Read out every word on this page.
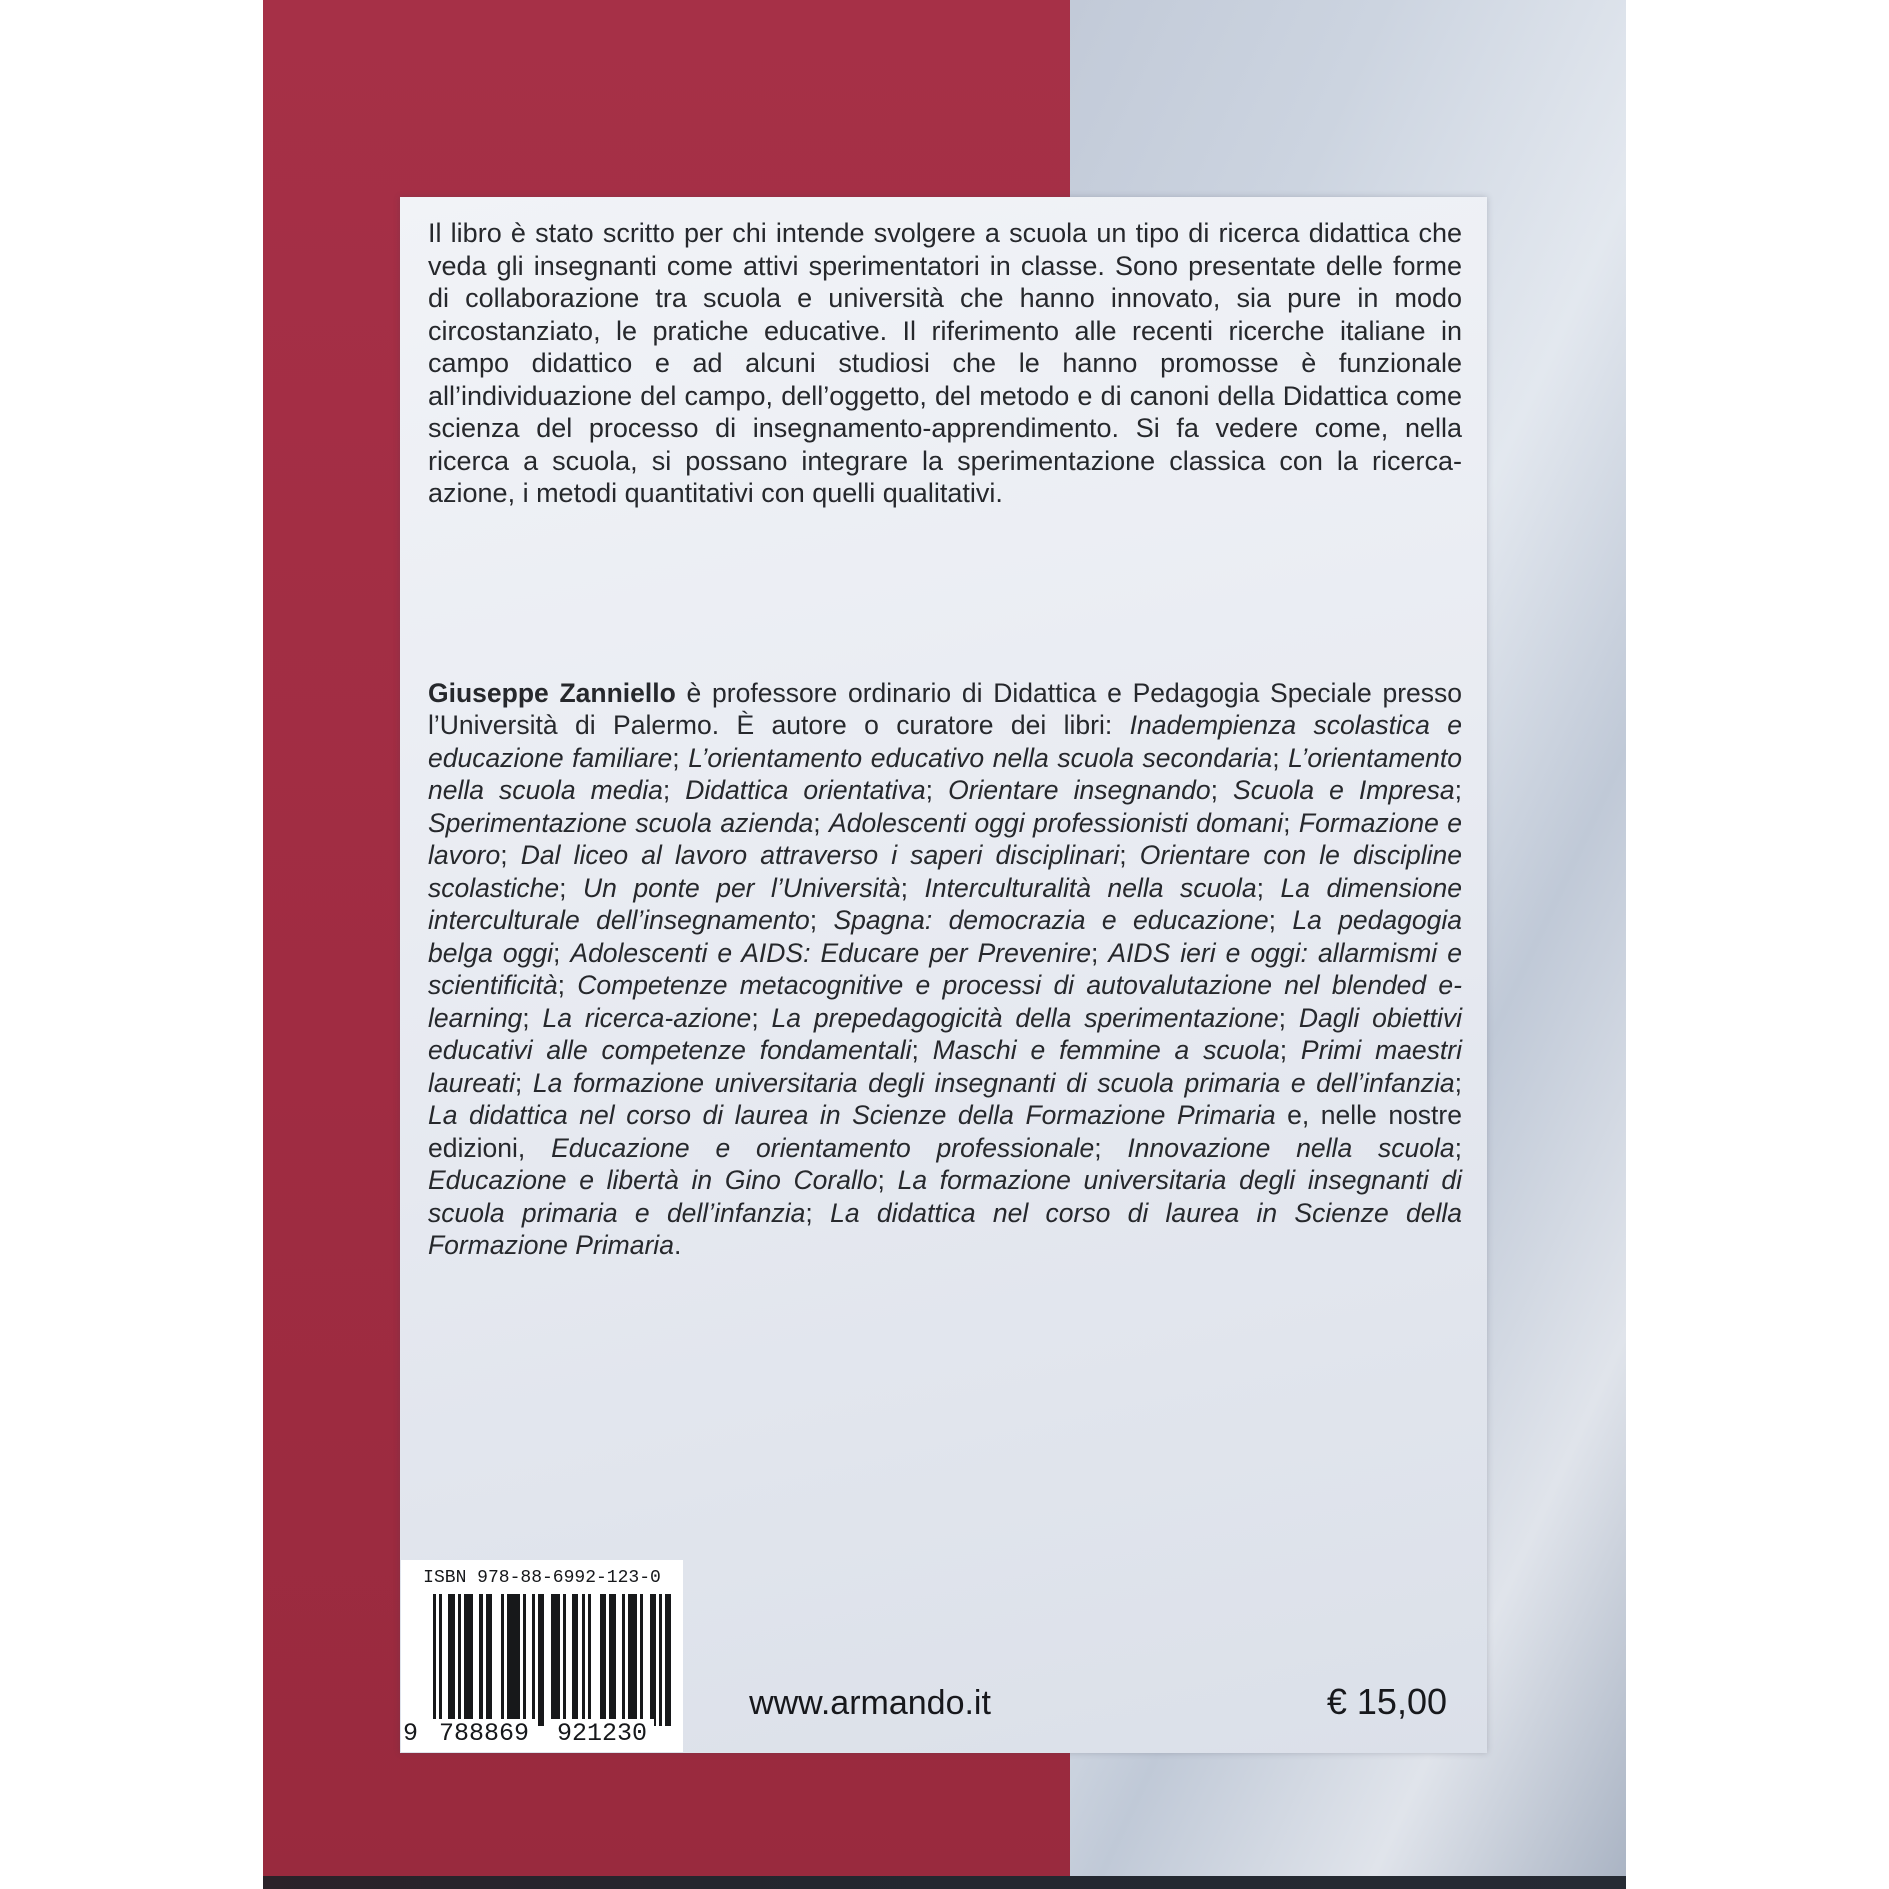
Il libro è stato scritto per chi intende svolgere a scuola un tipo di ricerca didattica che veda gli insegnanti come attivi sperimentatori in classe. Sono presentate delle forme di collaborazione tra scuola e università che hanno innovato, sia pure in modo circostanziato, le pratiche educative. Il riferimento alle recenti ricerche italiane in campo didattico e ad alcuni studiosi che le hanno promosse è funzionale all’individuazione del campo, dell’oggetto, del metodo e di canoni della Didattica come scienza del processo di insegnamento-apprendimento. Si fa vedere come, nella ricerca a scuola, si possano integrare la sperimentazione classica con la ricerca-azione, i metodi quantitativi con quelli qualitativi.

Giuseppe Zanniello è professore ordinario di Didattica e Pedagogia Speciale presso l’Università di Palermo. È autore o curatore dei libri: Inadempienza scolastica e educazione familiare; L’orientamento educativo nella scuola secondaria; L’orientamento nella scuola media; Didattica orientativa; Orientare insegnando; Scuola e Impresa; Sperimentazione scuola azienda; Adolescenti oggi professionisti domani; Formazione e lavoro; Dal liceo al lavoro attraverso i saperi disciplinari; Orientare con le discipline scolastiche; Un ponte per l’Università; Interculturalità nella scuola; La dimensione interculturale dell’insegnamento; Spagna: democrazia e educazione; La pedagogia belga oggi; Adolescenti e AIDS: Educare per Prevenire; AIDS ieri e oggi: allarmismi e scientificità; Competenze metacognitive e processi di autovalutazione nel blended e-learning; La ricerca-azione; La prepedagogicità della sperimentazione; Dagli obiettivi educativi alle competenze fondamentali; Maschi e femmine a scuola; Primi maestri laureati; La formazione universitaria degli insegnanti di scuola primaria e dell’infanzia; La didattica nel corso di laurea in Scienze della Formazione Primaria e, nelle nostre edizioni, Educazione e orientamento professionale; Innovazione nella scuola; Educazione e libertà in Gino Corallo; La formazione universitaria degli insegnanti di scuola primaria e dell’infanzia; La didattica nel corso di laurea in Scienze della Formazione Primaria.

ISBN 978-88-6992-123-0
9 788869 921230
www.armando.it	€ 15,00
